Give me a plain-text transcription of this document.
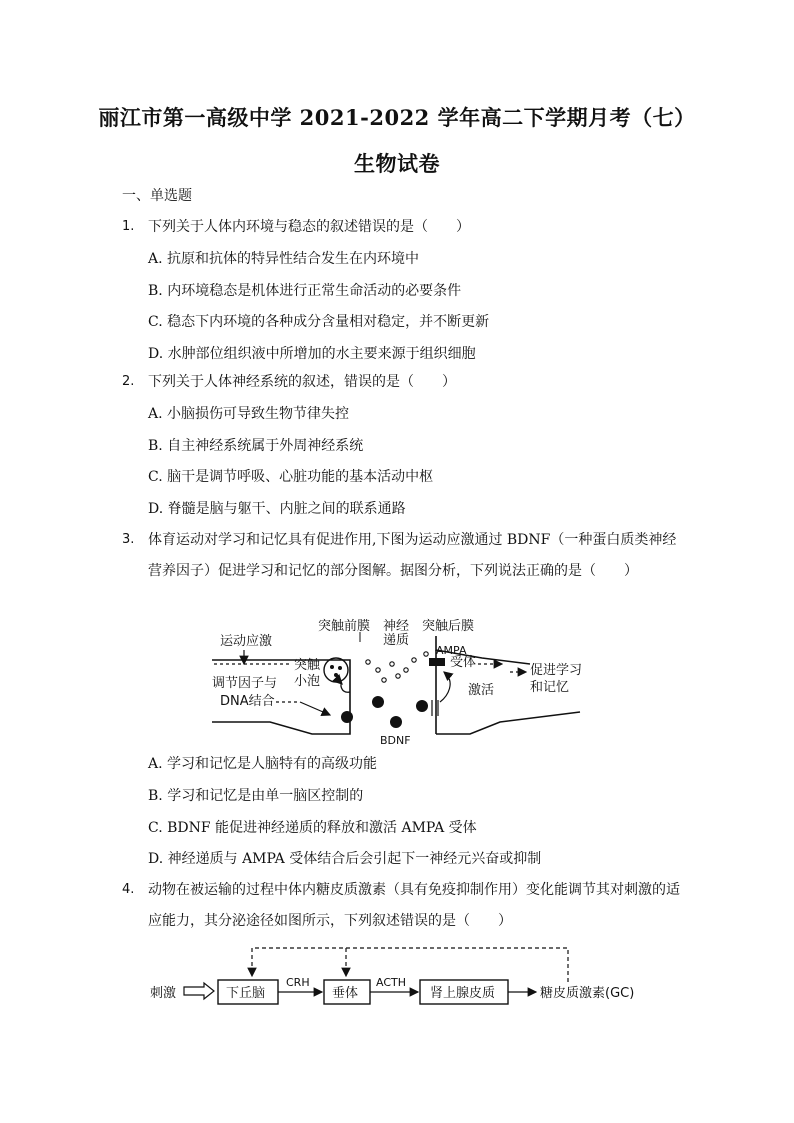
丽江市第一高级中学 2021-2022 学年高二下学期月考（七）
生物试卷
一、单选题
1. 下列关于人体内环境与稳态的叙述错误的是（　　）
A. 抗原和抗体的特异性结合发生在内环境中
B. 内环境稳态是机体进行正常生命活动的必要条件
C. 稳态下内环境的各种成分含量相对稳定，并不断更新
D. 水肿部位组织液中所增加的水主要来源于组织细胞
2. 下列关于人体神经系统的叙述，错误的是（　　）
A. 小脑损伤可导致生物节律失控
B. 自主神经系统属于外周神经系统
C. 脑干是调节呼吸、心脏功能的基本活动中枢
D. 脊髓是脑与躯干、内脏之间的联系通路
3. 体育运动对学习和记忆具有促进作用,下图为运动应激通过 BDNF（一种蛋白质类神经
营养因子）促进学习和记忆的部分图解。据图分析，下列说法正确的是（　　）
运动应激
突触
小泡
调节因子与
DNA结合
突触前膜 神经
递质
突触后膜
AMPA
受体
激活
BDNF
促进学习
和记忆
A. 学习和记忆是人脑特有的高级功能
B. 学习和记忆是由单一脑区控制的
C. BDNF 能促进神经递质的释放和激活 AMPA 受体
D. 神经递质与 AMPA 受体结合后会引起下一神经元兴奋或抑制
4. 动物在被运输的过程中体内糖皮质激素（具有免疫抑制作用）变化能调节其对刺激的适
应能力，其分泌途径如图所示，下列叙述错误的是（　　）
刺激	下丘脑
CRH
垂体
ACTH
肾上腺皮质	糖皮质激素(GC)
